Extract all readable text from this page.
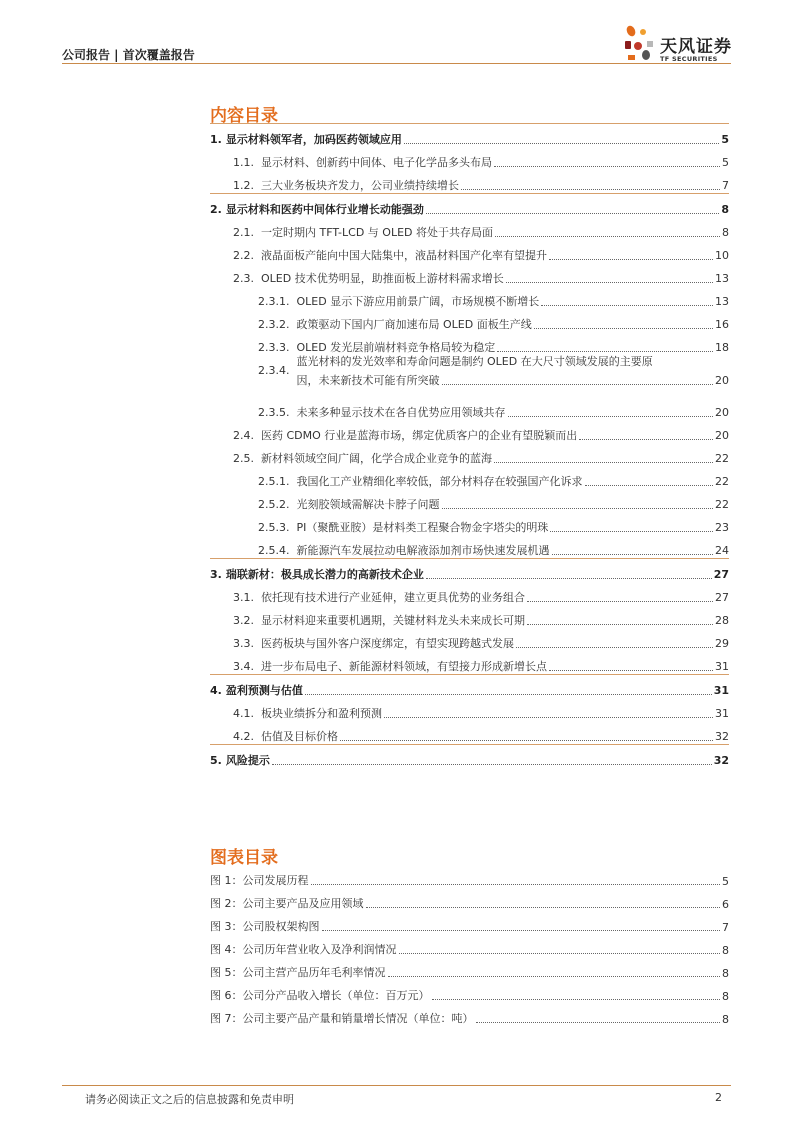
公司报告 | 首次覆盖报告	天风证券
TF SECURITIES
内容目录
1. 显示材料领军者，加码医药领域应用	5
1.1. 显示材料、创新药中间体、电子化学品多头布局	5
1.2. 三大业务板块齐发力，公司业绩持续增长	7
2. 显示材料和医药中间体行业增长动能强劲	8
2.1. 一定时期内 TFT-LCD 与 OLED 将处于共存局面	8
2.2. 液晶面板产能向中国大陆集中，液晶材料国产化率有望提升	10
2.3. OLED 技术优势明显，助推面板上游材料需求增长	13
2.3.1. OLED 显示下游应用前景广阔，市场规模不断增长	13
2.3.2. 政策驱动下国内厂商加速布局 OLED 面板生产线	16
2.3.3. OLED 发光层前端材料竞争格局较为稳定	18
2.3.4.
蓝光材料的发光效率和寿命问题是制约 OLED 在大尺寸领域发展的主要原
因，未来新技术可能有所突破	20
2.3.5. 未来多种显示技术在各自优势应用领域共存	20
2.4. 医药 CDMO 行业是蓝海市场，绑定优质客户的企业有望脱颖而出	20
2.5. 新材料领域空间广阔，化学合成企业竞争的蓝海	22
2.5.1. 我国化工产业精细化率较低，部分材料存在较强国产化诉求	22
2.5.2. 光刻胶领域需解决卡脖子问题	22
2.5.3. PI（聚酰亚胺）是材料类工程聚合物金字塔尖的明珠	23
2.5.4. 新能源汽车发展拉动电解液添加剂市场快速发展机遇	24
3. 瑞联新材：极具成长潜力的高新技术企业	27
3.1. 依托现有技术进行产业延伸，建立更具优势的业务组合	27
3.2. 显示材料迎来重要机遇期，关键材料龙头未来成长可期	28
3.3. 医药板块与国外客户深度绑定，有望实现跨越式发展	29
3.4. 进一步布局电子、新能源材料领域，有望接力形成新增长点	31
4. 盈利预测与估值	31
4.1. 板块业绩拆分和盈利预测	31
4.2. 估值及目标价格	32
5. 风险提示	32
图表目录
图 1：公司发展历程	5
图 2：公司主要产品及应用领域	6
图 3：公司股权架构图	7
图 4：公司历年营业收入及净利润情况	8
图 5：公司主营产品历年毛利率情况	8
图 6：公司分产品收入增长（单位：百万元）	8
图 7：公司主要产品产量和销量增长情况（单位：吨）	8
请务必阅读正文之后的信息披露和免责申明	2
